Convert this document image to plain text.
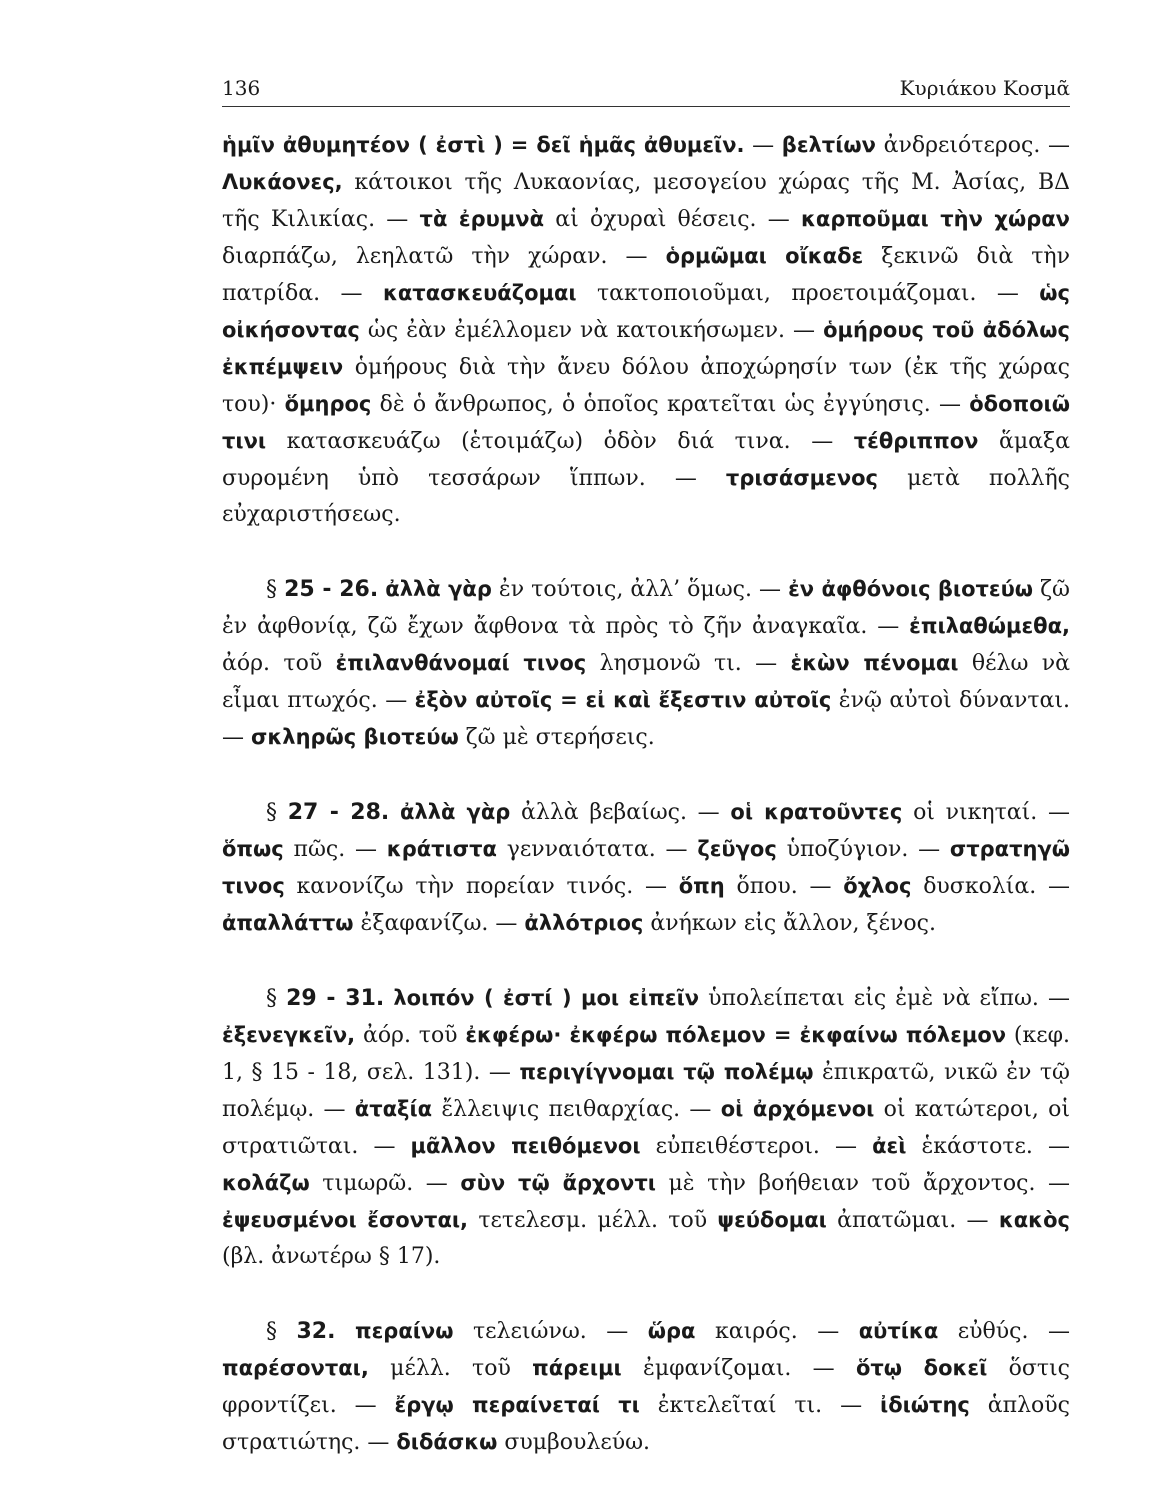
136	Κυριάκου Κοσμᾶ

ἡμῖν ἀθυμητέον ( ἐστὶ ) = δεῖ ἡμᾶς ἀθυμεῖν. — βελτίων ἀνδρειότερος. — Λυκάονες, κάτοικοι τῆς Λυκαονίας, μεσογείου χώρας τῆς Μ. Ἀσίας, ΒΔ τῆς Κιλικίας. — τὰ ἐρυμνὰ αἱ ὀχυραὶ θέσεις. — καρποῦμαι τὴν χώραν διαρπάζω, λεηλατῶ τὴν χώραν. — ὁρμῶμαι οἴκαδε ξεκινῶ διὰ τὴν πατρίδα. — κατασκευάζομαι τακτοποιοῦμαι, προετοιμάζομαι. — ὡς οἰκήσοντας ὡς ἐὰν ἐμέλλομεν νὰ κατοικήσωμεν. — ὁμήρους τοῦ ἀδόλως ἐκπέμψειν ὁμήρους διὰ τὴν ἄνευ δόλου ἀποχώρησίν των (ἐκ τῆς χώρας του)· ὅμηρος δὲ ὁ ἄνθρωπος, ὁ ὁποῖος κρατεῖται ὡς ἐγγύησις. — ὁδοποιῶ τινι κατασκευάζω (ἑτοιμάζω) ὁδὸν διά τινα. — τέθριππον ἅμαξα συρομένη ὑπὸ τεσσάρων ἵππων. — τρισάσμενος μετὰ πολλῆς εὐχαριστήσεως.

§ 25 - 26. ἀλλὰ γὰρ ἐν τούτοις, ἀλλ’ ὅμως. — ἐν ἀφθόνοις βιοτεύω ζῶ ἐν ἀφθονίᾳ, ζῶ ἔχων ἄφθονα τὰ πρὸς τὸ ζῆν ἀναγκαῖα. — ἐπιλαθώμεθα, ἀόρ. τοῦ ἐπιλανθάνομαί τινος λησμονῶ τι. — ἑκὼν πένομαι θέλω νὰ εἶμαι πτωχός. — ἐξὸν αὐτοῖς = εἰ καὶ ἔξεστιν αὐτοῖς ἐνῷ αὐτοὶ δύνανται. — σκληρῶς βιοτεύω ζῶ μὲ στερήσεις.

§ 27 - 28. ἀλλὰ γὰρ ἀλλὰ βεβαίως. — οἱ κρατοῦντες οἱ νικηταί. — ὅπως πῶς. — κράτιστα γενναιότατα. — ζεῦγος ὑποζύγιον. — στρατηγῶ τινος κανονίζω τὴν πορείαν τινός. — ὅπη ὅπου. — ὄχλος δυσκολία. — ἀπαλλάττω ἐξαφανίζω. — ἀλλότριος ἀνήκων εἰς ἄλλον, ξένος.

§ 29 - 31. λοιπόν ( ἐστί ) μοι εἰπεῖν ὑπολείπεται εἰς ἐμὲ νὰ εἴπω. — ἐξενεγκεῖν, ἀόρ. τοῦ ἐκφέρω· ἐκφέρω πόλεμον = ἐκφαίνω πόλεμον (κεφ. 1, § 15 - 18, σελ. 131). — περιγίγνομαι τῷ πολέμῳ ἐπικρατῶ, νικῶ ἐν τῷ πολέμῳ. — ἀταξία ἔλλειψις πειθαρχίας. — οἱ ἀρχόμενοι οἱ κατώτεροι, οἱ στρατιῶται. — μᾶλλον πειθόμενοι εὐπειθέστεροι. — ἀεὶ ἑκάστοτε. — κολάζω τιμωρῶ. — σὺν τῷ ἄρχοντι μὲ τὴν βοήθειαν τοῦ ἄρχοντος. — ἐψευσμένοι ἔσονται, τετελεσμ. μέλλ. τοῦ ψεύδομαι ἀπατῶμαι. — κακὸς (βλ. ἀνωτέρω § 17).

§ 32. περαίνω τελειώνω. — ὥρα καιρός. — αὐτίκα εὐθύς. — παρέσονται, μέλλ. τοῦ πάρειμι ἐμφανίζομαι. — ὅτῳ δοκεῖ ὅστις φροντίζει. — ἔργῳ περαίνεταί τι ἐκτελεῖταί τι. — ἰδιώτης ἁπλοῦς στρατιώτης. — διδάσκω συμβουλεύω.
